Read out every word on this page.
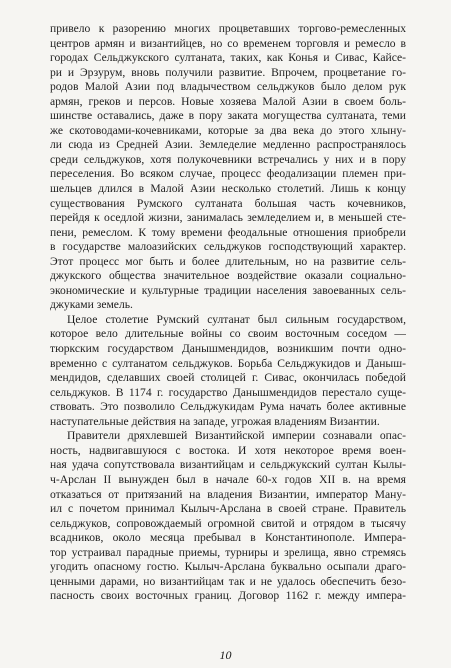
привело к разорению многих процветавших торгово-ремесленных
центров армян и византийцев, но со временем торговля и ремесло в
городах Сельджукского султаната, таких, как Конья и Сивас, Кайсе-
ри и Эрзурум, вновь получили развитие. Впрочем, процветание го-
родов Малой Азии под владычеством сельджуков было делом рук
армян, греков и персов. Новые хозяева Малой Азии в своем боль-
шинстве оставались, даже в пору заката могущества султаната, теми
же скотоводами-кочевниками, которые за два века до этого хлыну-
ли сюда из Средней Азии. Земледелие медленно распространялось
среди сельджуков, хотя полукочевники встречались у них и в пору
переселения. Во всяком случае, процесс феодализации племен при-
шельцев длился в Малой Азии несколько столетий. Лишь к концу
существования Румского султаната большая часть кочевников,
перейдя к оседлой жизни, занималась земледелием и, в меньшей сте-
пени, ремеслом. К тому времени феодальные отношения приобрели
в государстве малоазийских сельджуков господствующий характер.
Этот процесс мог быть и более длительным, но на развитие сель-
джукского общества значительное воздействие оказали социально-
экономические и культурные традиции населения завоеванных сель-
джуками земель.
Целое столетие Румский султанат был сильным государством,
которое вело длительные войны со своим восточным соседом —
тюркским государством Данышмендидов, возникшим почти одно-
временно с султанатом сельджуков. Борьба Сельджукидов и Даныш-
мендидов, сделавших своей столицей г. Сивас, окончилась победой
сельджуков. В 1174 г. государство Данышмендидов перестало суще-
ствовать. Это позволило Сельджукидам Рума начать более активные
наступательные действия на западе, угрожая владениям Византии.
Правители дряхлевшей Византийской империи сознавали опас-
ность, надвигавшуюся с востока. И хотя некоторое время воен-
ная удача сопутствовала византийцам и сельджукский султан Кылы-
ч-Арслан II вынужден был в начале 60-х годов XII в. на время
отказаться от притязаний на владения Византии, император Ману-
ил с почетом принимал Кылыч-Арслана в своей стране. Правитель
сельджуков, сопровождаемый огромной свитой и отрядом в тысячу
всадников, около месяца пребывал в Константинополе. Импера-
тор устраивал парадные приемы, турниры и зрелища, явно стремясь
угодить опасному гостю. Кылыч-Арслана буквально осыпали драго-
ценными дарами, но византийцам так и не удалось обеспечить безо-
пасность своих восточных границ. Договор 1162 г. между импера-
10
